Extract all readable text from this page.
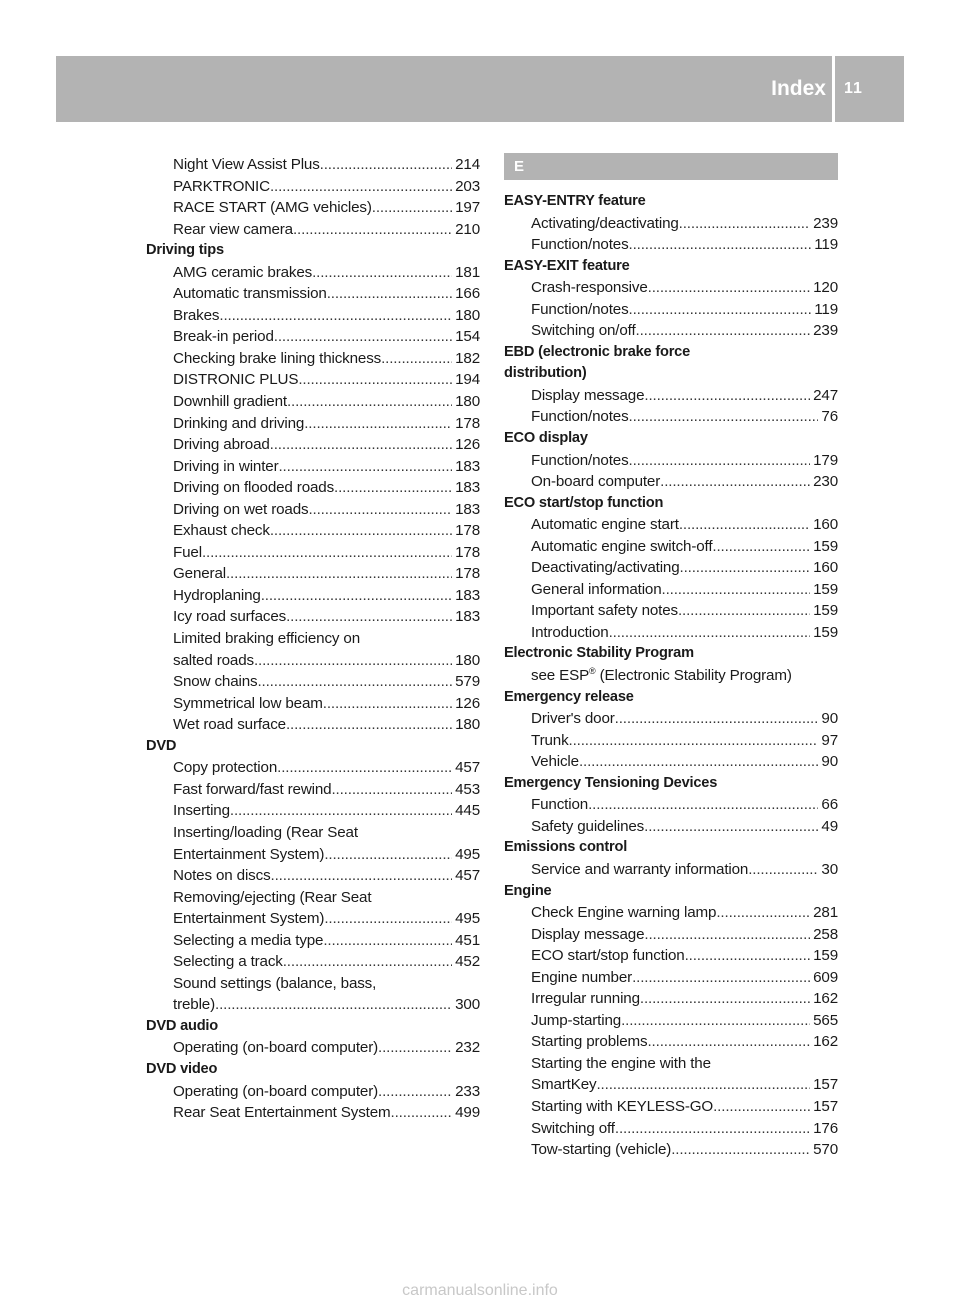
Index 11
Night View Assist Plus .....	214
PARKTRONIC .....	203
RACE START (AMG vehicles) .....	197
Rear view camera .....	210
Driving tips
AMG ceramic brakes .....	181
Automatic transmission .....	166
Brakes .....	180
Break-in period .....	154
Checking brake lining thickness .....	182
DISTRONIC PLUS .....	194
Downhill gradient .....	180
Drinking and driving .....	178
Driving abroad .....	126
Driving in winter .....	183
Driving on flooded roads .....	183
Driving on wet roads .....	183
Exhaust check .....	178
Fuel .....	178
General .....	178
Hydroplaning .....	183
Icy road surfaces .....	183
Limited braking efficiency on
salted roads .....	180
Snow chains .....	579
Symmetrical low beam .....	126
Wet road surface .....	180
DVD
Copy protection .....	457
Fast forward/fast rewind .....	453
Inserting .....	445
Inserting/loading (Rear Seat
Entertainment System) .....	495
Notes on discs .....	457
Removing/ejecting (Rear Seat
Entertainment System) .....	495
Selecting a media type .....	451
Selecting a track .....	452
Sound settings (balance, bass,
treble) .....	300
DVD audio
Operating (on-board computer) .....	232
DVD video
Operating (on-board computer) .....	233
Rear Seat Entertainment System .....	499
E
EASY-ENTRY feature
Activating/deactivating .....	239
Function/notes .....	119
EASY-EXIT feature
Crash-responsive .....	120
Function/notes .....	119
Switching on/off .....	239
EBD (electronic brake force
distribution)
Display message .....	247
Function/notes .....	76
ECO display
Function/notes .....	179
On-board computer .....	230
ECO start/stop function
Automatic engine start .....	160
Automatic engine switch-off .....	159
Deactivating/activating .....	160
General information .....	159
Important safety notes .....	159
Introduction .....	159
Electronic Stability Program
see ESP® (Electronic Stability Program)
Emergency release
Driver's door .....	90
Trunk .....	97
Vehicle .....	90
Emergency Tensioning Devices
Function .....	66
Safety guidelines .....	49
Emissions control
Service and warranty information .....	30
Engine
Check Engine warning lamp .....	281
Display message .....	258
ECO start/stop function .....	159
Engine number .....	609
Irregular running .....	162
Jump-starting .....	565
Starting problems .....	162
Starting the engine with the
SmartKey .....	157
Starting with KEYLESS-GO .....	157
Switching off .....	176
Tow-starting (vehicle) .....	570
carmanualsonline.info
